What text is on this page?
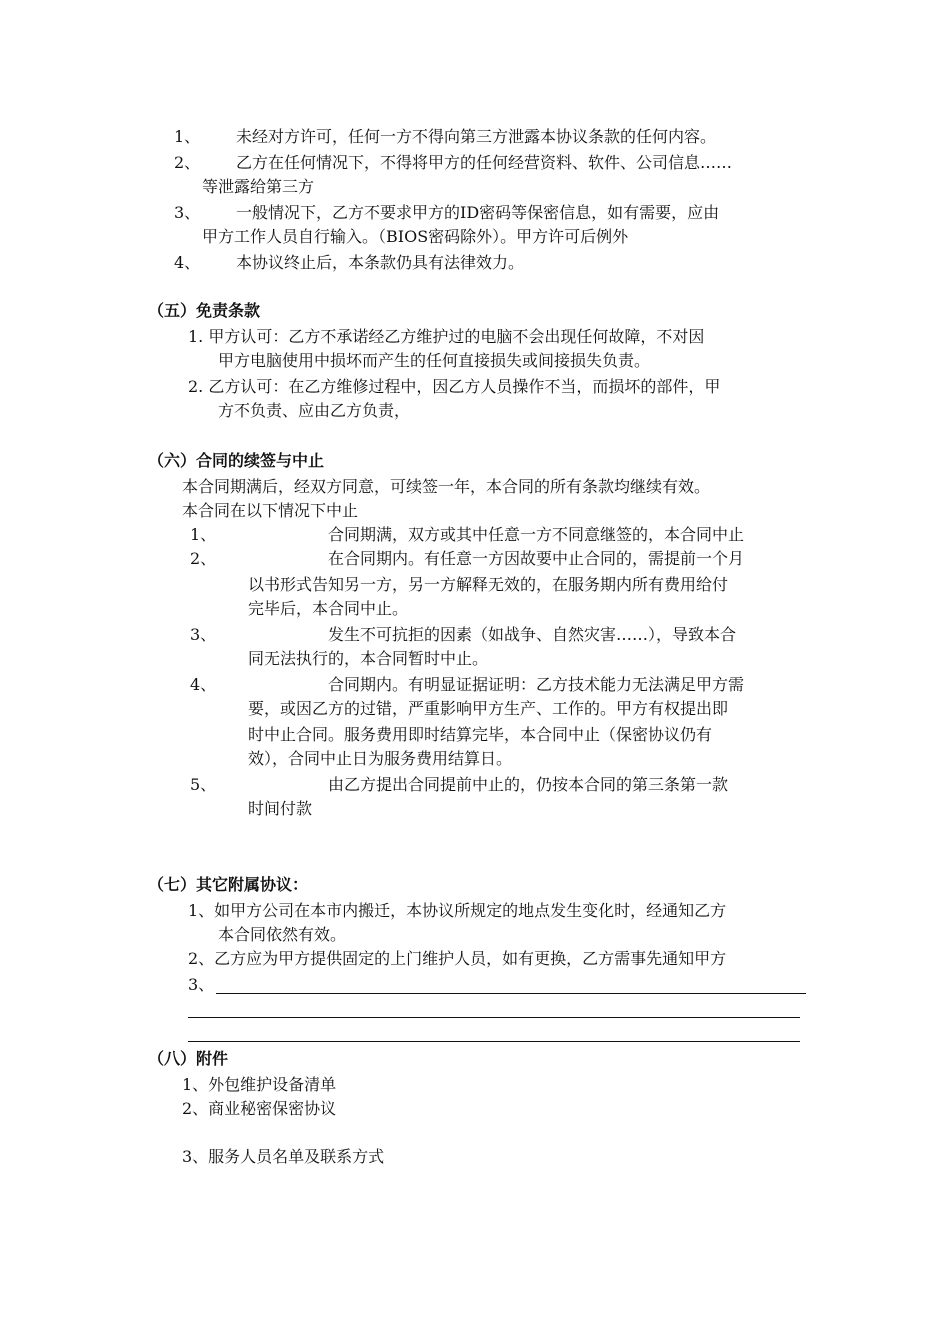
1、 未经对方许可，任何一方不得向第三方泄露本协议条款的任何内容。
2、 乙方在任何情况下，不得将甲方的任何经营资料、软件、公司信息……
等泄露给第三方
3、 一般情况下，乙方不要求甲方的ID密码等保密信息，如有需要，应由
甲方工作人员自行输入。（BIOS密码除外）。甲方许可后例外
4、 本协议终止后，本条款仍具有法律效力。
（五）免责条款
1. 甲方认可：乙方不承诺经乙方维护过的电脑不会出现任何故障，不对因
甲方电脑使用中损坏而产生的任何直接损失或间接损失负责。
2. 乙方认可：在乙方维修过程中，因乙方人员操作不当，而损坏的部件，甲
方不负责、应由乙方负责，
（六）合同的续签与中止
本合同期满后，经双方同意，可续签一年，本合同的所有条款均继续有效。
本合同在以下情况下中止
1、	合同期满，双方或其中任意一方不同意继签的，本合同中止
2、	在合同期内。有任意一方因故要中止合同的，需提前一个月
以书形式告知另一方，另一方解释无效的，在服务期内所有费用给付
完毕后，本合同中止。
3、	发生不可抗拒的因素（如战争、自然灾害……），导致本合
同无法执行的，本合同暂时中止。
4、	合同期内。有明显证据证明：乙方技术能力无法满足甲方需
要，或因乙方的过错，严重影响甲方生产、工作的。甲方有权提出即
时中止合同。服务费用即时结算完毕，本合同中止（保密协议仍有
效），合同中止日为服务费用结算日。
5、	由乙方提出合同提前中止的，仍按本合同的第三条第一款
时间付款
（七）其它附属协议：
1、如甲方公司在本市内搬迁，本协议所规定的地点发生变化时，经通知乙方
本合同依然有效。
2、乙方应为甲方提供固定的上门维护人员，如有更换，乙方需事先通知甲方
3、
（八）附件
1、外包维护设备清单
2、商业秘密保密协议
3、服务人员名单及联系方式
